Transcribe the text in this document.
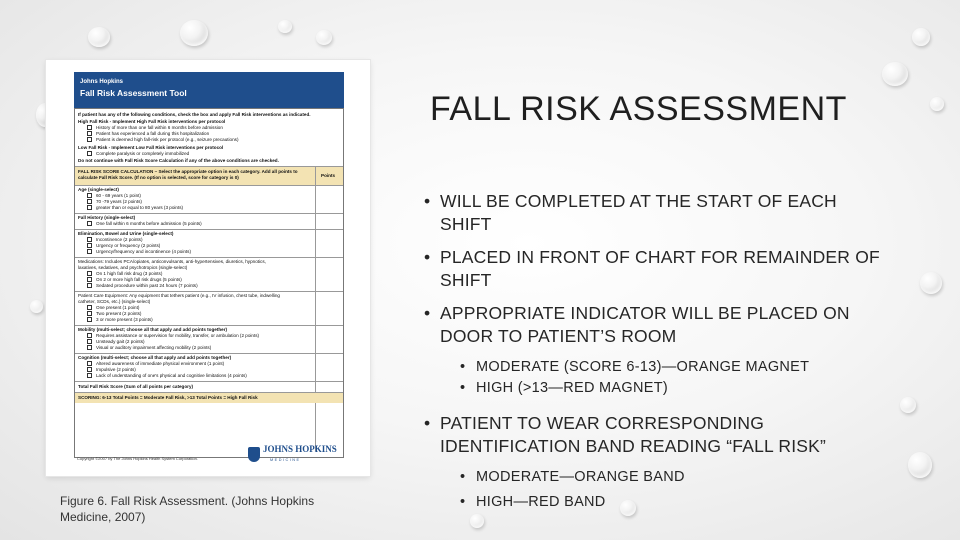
FALL RISK ASSESSMENT
• WILL BE COMPLETED AT THE START OF EACH SHIFT
• PLACED IN FRONT OF CHART FOR REMAINDER OF SHIFT
• APPROPRIATE INDICATOR WILL BE PLACED ON DOOR TO PATIENT’S ROOM
• MODERATE (SCORE 6-13)—ORANGE MAGNET
• HIGH (>13—RED MAGNET)
• PATIENT TO WEAR CORRESPONDING IDENTIFICATION BAND READING “FALL RISK”
• MODERATE—ORANGE BAND
• HIGH—RED BAND
Johns Hopkins
Fall Risk Assessment Tool
If patient has any of the following conditions, check the box and apply Fall Risk interventions as indicated.
High Fall Risk - Implement High Fall Risk interventions per protocol
History of more than one fall within 6 months before admission
Patient has experienced a fall during this hospitalization
Patient is deemed high fall-risk per protocol (e.g., seizure precautions)
Low Fall Risk - Implement Low Fall Risk interventions per protocol
Complete paralysis or completely immobilized
Do not continue with Fall Risk Score Calculation if any of the above conditions are checked.
FALL RISK SCORE CALCULATION – Select the appropriate option in each category. Add all points to calculate Fall Risk Score. (If no option is selected, score for category is 0)	Points
Age (single-select)
60 - 69 years (1 point)
70 -79 years (2 points)
greater than or equal to 80 years (3 points)
Fall History (single-select)
One fall within 6 months before admission (5 points)
Elimination, Bowel and Urine (single-select)
Incontinence (2 points)
Urgency or frequency (2 points)
Urgency/frequency and incontinence (4 points)
Medications: Includes PCA/opiates, anticonvulsants, anti-hypertensives, diuretics, hypnotics,
laxatives, sedatives, and psychotropics (single-select)
On 1 high fall risk drug (3 points)
On 2 or more high fall risk drugs (5 points)
Sedated procedure within past 24 hours (7 points)
Patient Care Equipment: Any equipment that tethers patient (e.g., IV infusion, chest tube, indwelling
catheter, SCDs, etc.) (single-select)
One present (1 point)
Two present (2 points)
3 or more present (3 points)
Mobility (multi-select; choose all that apply and add points together)
Requires assistance or supervision for mobility, transfer, or ambulation (2 points)
Unsteady gait (2 points)
Visual or auditory impairment affecting mobility (2 points)
Cognition (multi-select; choose all that apply and add points together)
Altered awareness of immediate physical environment (1 point)
Impulsive (2 points)
Lack of understanding of one's physical and cognitive limitations (4 points)
Total Fall Risk Score (Sum of all points per category)
SCORING: 6-13 Total Points = Moderate Fall Risk, >13 Total Points = High Fall Risk
Copyright ©2007 by The Johns Hopkins Health System Corporation.
JOHNS HOPKINS
MEDICINE
Figure 6. Fall Risk Assessment. (Johns Hopkins Medicine, 2007)
